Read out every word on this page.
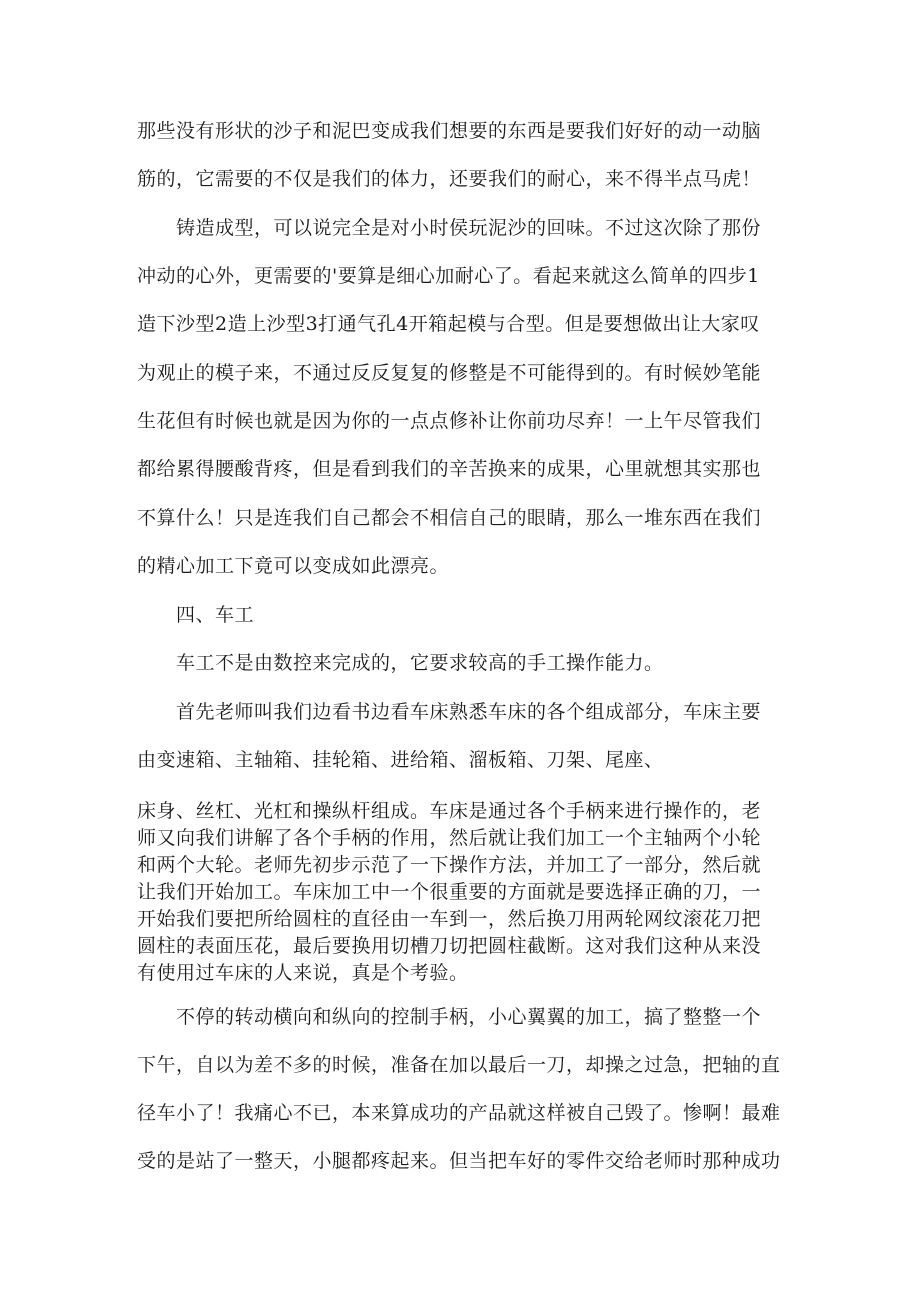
那些没有形状的沙子和泥巴变成我们想要的东西是要我们好好的动一动脑
筋的，它需要的不仅是我们的体力，还要我们的耐心，来不得半点马虎！
铸造成型，可以说完全是对小时侯玩泥沙的回味。不过这次除了那份
冲动的心外，更需要的'要算是细心加耐心了。看起来就这么简单的四步1
造下沙型2造上沙型3打通气孔4开箱起模与合型。但是要想做出让大家叹
为观止的模子来，不通过反反复复的修整是不可能得到的。有时候妙笔能
生花但有时候也就是因为你的一点点修补让你前功尽弃！一上午尽管我们
都给累得腰酸背疼，但是看到我们的辛苦换来的成果，心里就想其实那也
不算什么！只是连我们自己都会不相信自己的眼睛，那么一堆东西在我们
的精心加工下竟可以变成如此漂亮。
四、车工
车工不是由数控来完成的，它要求较高的手工操作能力。
首先老师叫我们边看书边看车床熟悉车床的各个组成部分，车床主要
由变速箱、主轴箱、挂轮箱、进给箱、溜板箱、刀架、尾座、
床身、丝杠、光杠和操纵杆组成。车床是通过各个手柄来进行操作的，老
师又向我们讲解了各个手柄的作用，然后就让我们加工一个主轴两个小轮
和两个大轮。老师先初步示范了一下操作方法，并加工了一部分，然后就
让我们开始加工。车床加工中一个很重要的方面就是要选择正确的刀，一
开始我们要把所给圆柱的直径由一车到一，然后换刀用两轮网纹滚花刀把
圆柱的表面压花，最后要换用切槽刀切把圆柱截断。这对我们这种从来没
有使用过车床的人来说，真是个考验。
不停的转动横向和纵向的控制手柄，小心翼翼的加工，搞了整整一个
下午，自以为差不多的时候，准备在加以最后一刀，却操之过急，把轴的直
径车小了！我痛心不已，本来算成功的产品就这样被自己毁了。惨啊！最难
受的是站了一整天，小腿都疼起来。但当把车好的零件交给老师时那种成功
